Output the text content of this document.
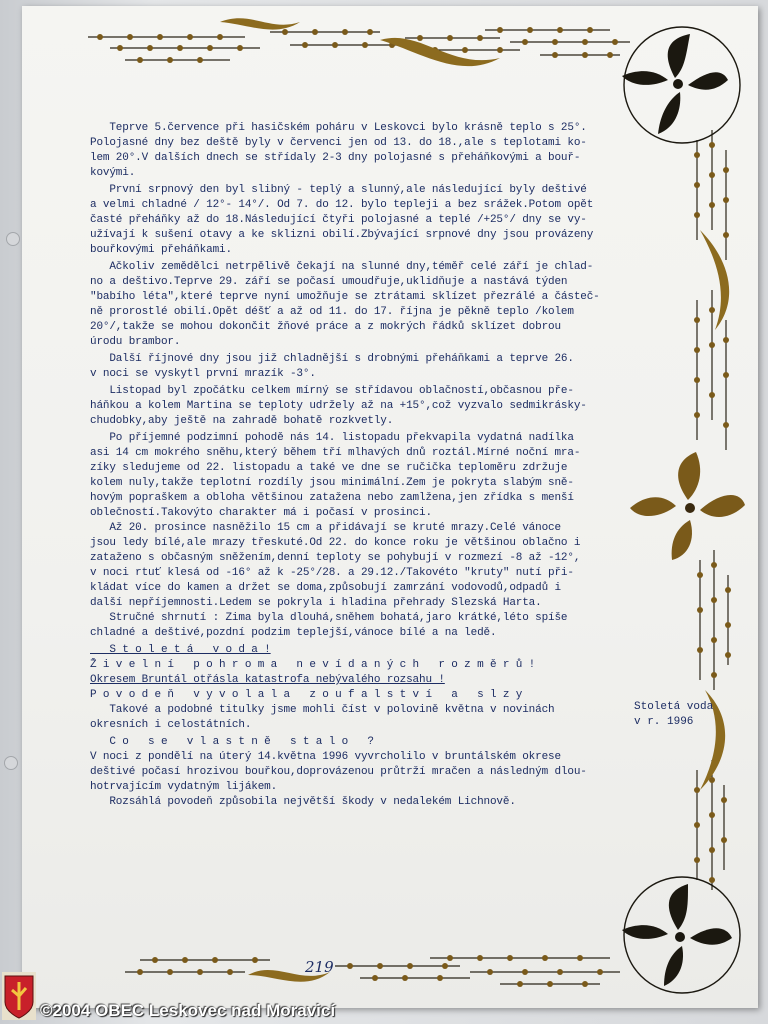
Teprve 5.července při hasičském poháru v Leskovci bylo krásně teplo s 25°.

Polojasné dny bez deště byly v červenci jen od 13. do 18.,ale s teplotami ko-

lem 20°.V dalších dnech se střídaly 2-3 dny polojasné s přeháňkovými a bouř-

kovými.

První srpnový den byl slibný - teplý a slunný,ale následující byly deštivé

a velmi chladné / 12°- 14°/. Od 7. do 12. bylo tepleji a bez srážek.Potom opět

časté přeháňky až do 18.Následující čtyři polojasné a teplé /+25°/ dny se vy-

užívají k sušení otavy a ke sklizni obilí.Zbývající srpnové dny jsou provázeny

bouřkovými přeháňkami.

Ačkoliv zemědělci netrpělivě čekají na slunné dny,téměř celé září je chlad-

no a deštivo.Teprve 29. září se počasí umoudřuje,uklidňuje a nastává týden

"babího léta",které teprve nyní umožňuje se ztrátami sklízet přezrálé a částeč-

ně prorostlé obilí.Opět déšť a až od 11. do 17. října je pěkně teplo /kolem

20°/,takže se mohou dokončit žňové práce a z mokrých řádků sklízet dobrou

úrodu brambor.

Další říjnové dny jsou již chladnější s drobnými přeháňkami a teprve 26.

v noci se vyskytl první mrazík -3°.

Listopad byl zpočátku celkem mírný se střídavou oblačností,občasnou pře-

háňkou a kolem Martina se teploty udržely až na +15°,což vyzvalo sedmikrásky-

chudobky,aby ještě na zahradě bohatě rozkvetly.

Po příjemné podzimní pohodě nás 14. listopadu překvapila vydatná nadílka

asi 14 cm mokrého sněhu,který během tří mlhavých dnů roztál.Mírné noční mra-

zíky sledujeme od 22. listopadu a také ve dne se ručička teploměru zdržuje

kolem nuly,takže teplotní rozdíly jsou minimální.Zem je pokryta slabým sně-

hovým popraškem a obloha většinou zatažena nebo zamlžena,jen zřídka s menší

oblečností.Takovýto charakter má i počasí v prosinci.

Až 20. prosince nasněžilo 15 cm a přidávají se kruté mrazy.Celé vánoce

jsou ledy bílé,ale mrazy třeskuté.Od 22. do konce roku je většinou oblačno i

zataženo s občasným sněžením,denní teploty se pohybují v rozmezí -8 až -12°,

v noci rtuť klesá od -16° až k -25°/28. a 29.12./Takovéto "kruty" nutí při-

kládat více do kamen a držet se doma,způsobují zamrzání vodovodů,odpadů i

další nepříjemnosti.Ledem se pokryla i hladina přehrady Slezská Harta.

Stručné shrnutí : Zima byla dlouhá,sněhem bohatá,jaro krátké,léto spíše

chladné a deštivé,pozdní podzim teplejší,vánoce bílé a na ledě.

S t o l e t á   v o d a !

Ž i v e l n í   p o h r o m a   n e v í d a n ý c h   r o z m ě r ů !

Okresem Bruntál otřásla katastrofa nebývalého rozsahu !

P o v o d e ň   v y v o l a l a   z o u f a l s t v í   a   s l z y

Takové a podobné titulky jsme mohli číst v polovině května v novinách

okresních i celostátních.

C o   s e   v l a s t n ě   s t a l o   ?

V noci z pondělí na úterý 14.května 1996 vyvrcholilo v bruntálském okrese

deštivé počasí hrozivou bouřkou,doprovázenou průtrží mračen a následným dlou-

hotrvajícím vydatným lijákem.

Rozsáhlá povodeň způsobila největší škody v nedalekém Lichnově.

Stoletá voda
v r. 1996
219
©2004 OBEC Leskovec nad Moravicí
